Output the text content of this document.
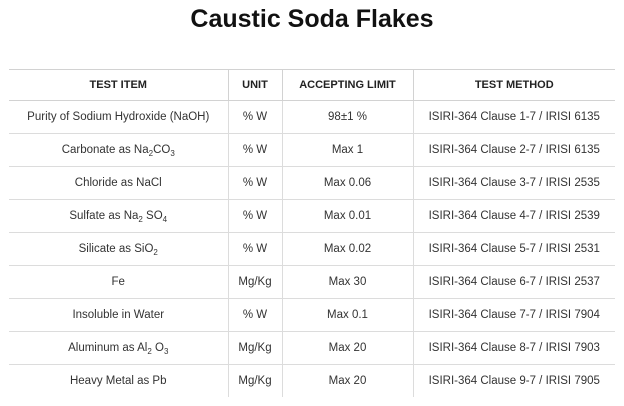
Caustic Soda Flakes
TEST ITEM	UNIT	ACCEPTING LIMIT	TEST METHOD
Purity of Sodium Hydroxide (NaOH)	% W	98±1 %	ISIRI-364 Clause 1-7 / IRISI 6135
Carbonate as $Na_2CO_3$	% W	Max 1	ISIRI-364 Clause 2-7 / IRISI 6135
Chloride as NaCl	% W	Max 0.06	ISIRI-364 Clause 3-7 / IRISI 2535
Sulfate as $Na_2$ $SO_4$	% W	Max 0.01	ISIRI-364 Clause 4-7 / IRISI 2539
Silicate as SiO$_2$	% W	Max 0.02	ISIRI-364 Clause 5-7 / IRISI 2531
Fe	Mg/Kg	Max 30	ISIRI-364 Clause 6-7 / IRISI 2537
Insoluble in Water	% W	Max 0.1	ISIRI-364 Clause 7-7 / IRISI 7904
Aluminum as $Al_2$ $O_3$	Mg/Kg	Max 20	ISIRI-364 Clause 8-7 / IRISI 7903
Heavy Metal as Pb	Mg/Kg	Max 20	ISIRI-364 Clause 9-7 / IRISI 7905
